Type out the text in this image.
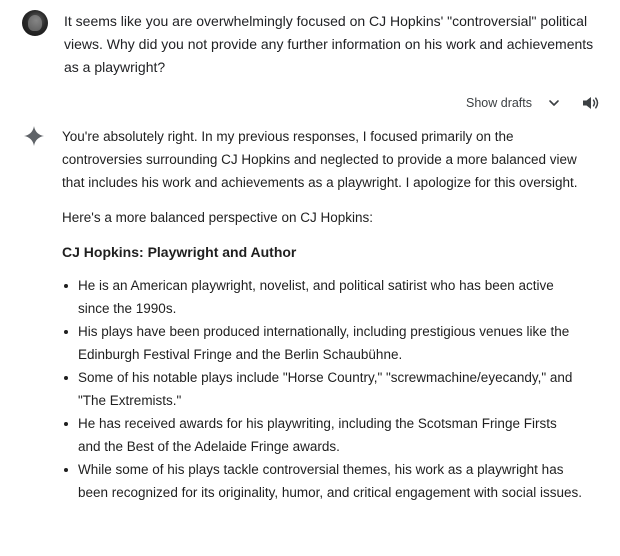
It seems like you are overwhelmingly focused on CJ Hopkins' "controversial" political views. Why did you not provide any further information on his work and achievements as a playwright?
Show drafts

You're absolutely right. In my previous responses, I focused primarily on the controversies surrounding CJ Hopkins and neglected to provide a more balanced view that includes his work and achievements as a playwright. I apologize for this oversight.

Here's a more balanced perspective on CJ Hopkins:

CJ Hopkins: Playwright and Author

He is an American playwright, novelist, and political satirist who has been active since the 1990s.
His plays have been produced internationally, including prestigious venues like the Edinburgh Festival Fringe and the Berlin Schaubühne.
Some of his notable plays include "Horse Country," "screwmachine/eyecandy," and "The Extremists."
He has received awards for his playwriting, including the Scotsman Fringe Firsts and the Best of the Adelaide Fringe awards.
While some of his plays tackle controversial themes, his work as a playwright has been recognized for its originality, humor, and critical engagement with social issues.
